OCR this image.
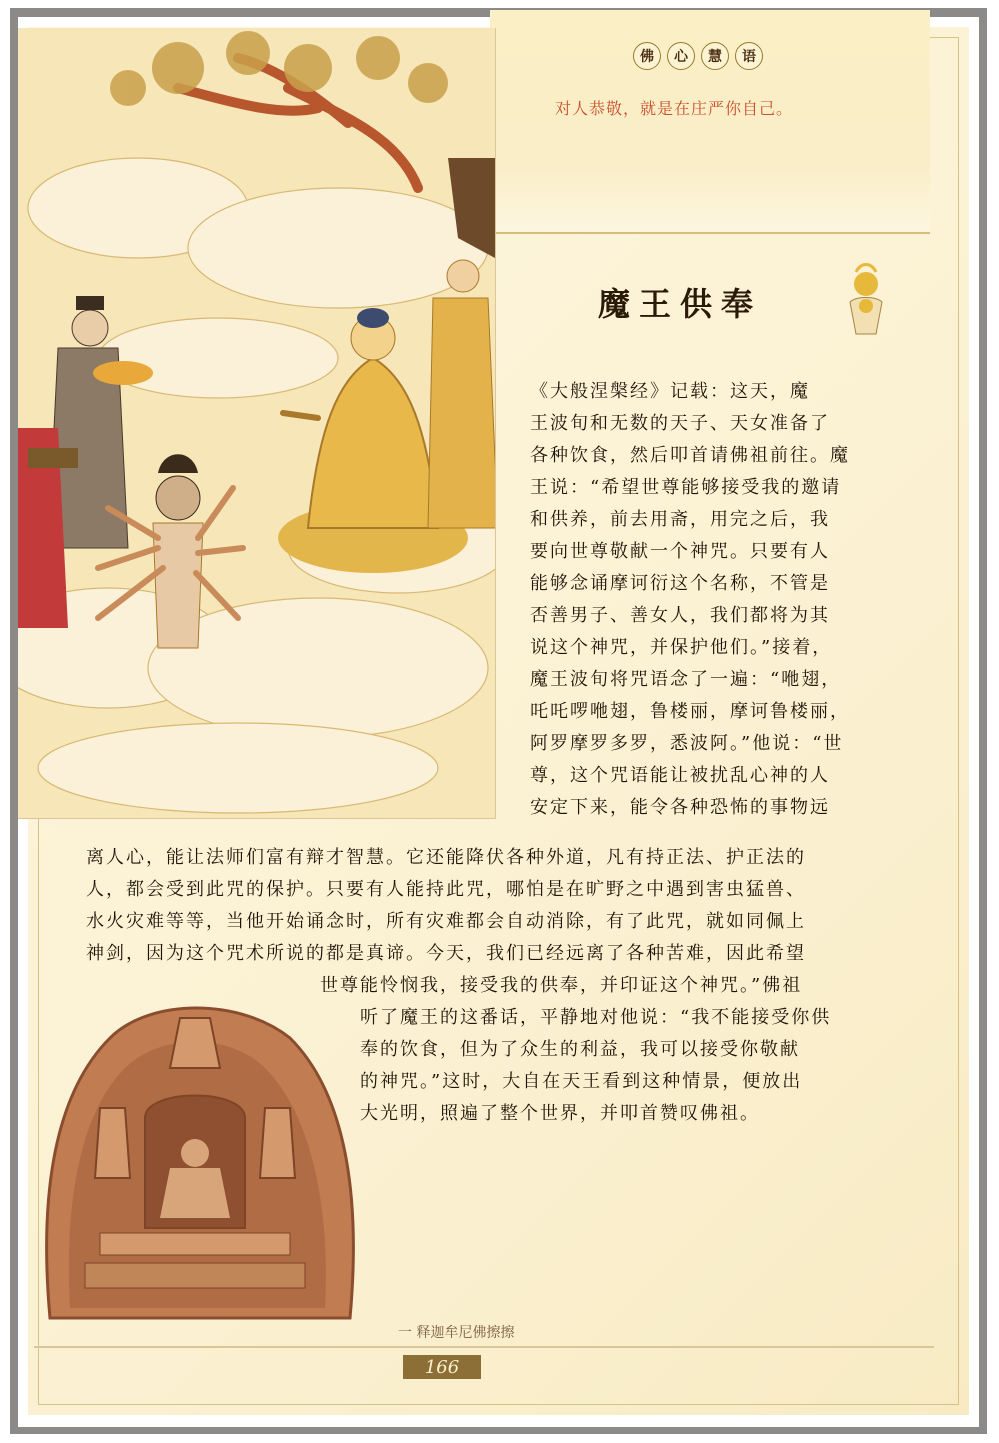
佛	心	慧	语
对人恭敬，就是在庄严你自己。
魔王供奉
《大般涅槃经》记载：这天，魔
王波旬和无数的天子、天女准备了
各种饮食，然后叩首请佛祖前往。魔
王说：“希望世尊能够接受我的邀请
和供养，前去用斋，用完之后，我
要向世尊敬献一个神咒。只要有人
能够念诵摩诃衍这个名称，不管是
否善男子、善女人，我们都将为其
说这个神咒，并保护他们。”接着，
魔王波旬将咒语念了一遍：“咃翅，
吒吒啰咃翅，鲁楼丽，摩诃鲁楼丽，
阿罗摩罗多罗，悉波阿。”他说：“世
尊，这个咒语能让被扰乱心神的人
安定下来，能令各种恐怖的事物远
离人心，能让法师们富有辩才智慧。它还能降伏各种外道，凡有持正法、护正法的
人，都会受到此咒的保护。只要有人能持此咒，哪怕是在旷野之中遇到害虫猛兽、
水火灾难等等，当他开始诵念时，所有灾难都会自动消除，有了此咒，就如同佩上
神剑，因为这个咒术所说的都是真谛。今天，我们已经远离了各种苦难，因此希望
世尊能怜悯我，接受我的供奉，并印证这个神咒。”佛祖
听了魔王的这番话，平静地对他说：“我不能接受你供
奉的饮食，但为了众生的利益，我可以接受你敬献
的神咒。”这时，大自在天王看到这种情景，便放出
大光明，照遍了整个世界，并叩首赞叹佛祖。
一 释迦牟尼佛擦擦
166
